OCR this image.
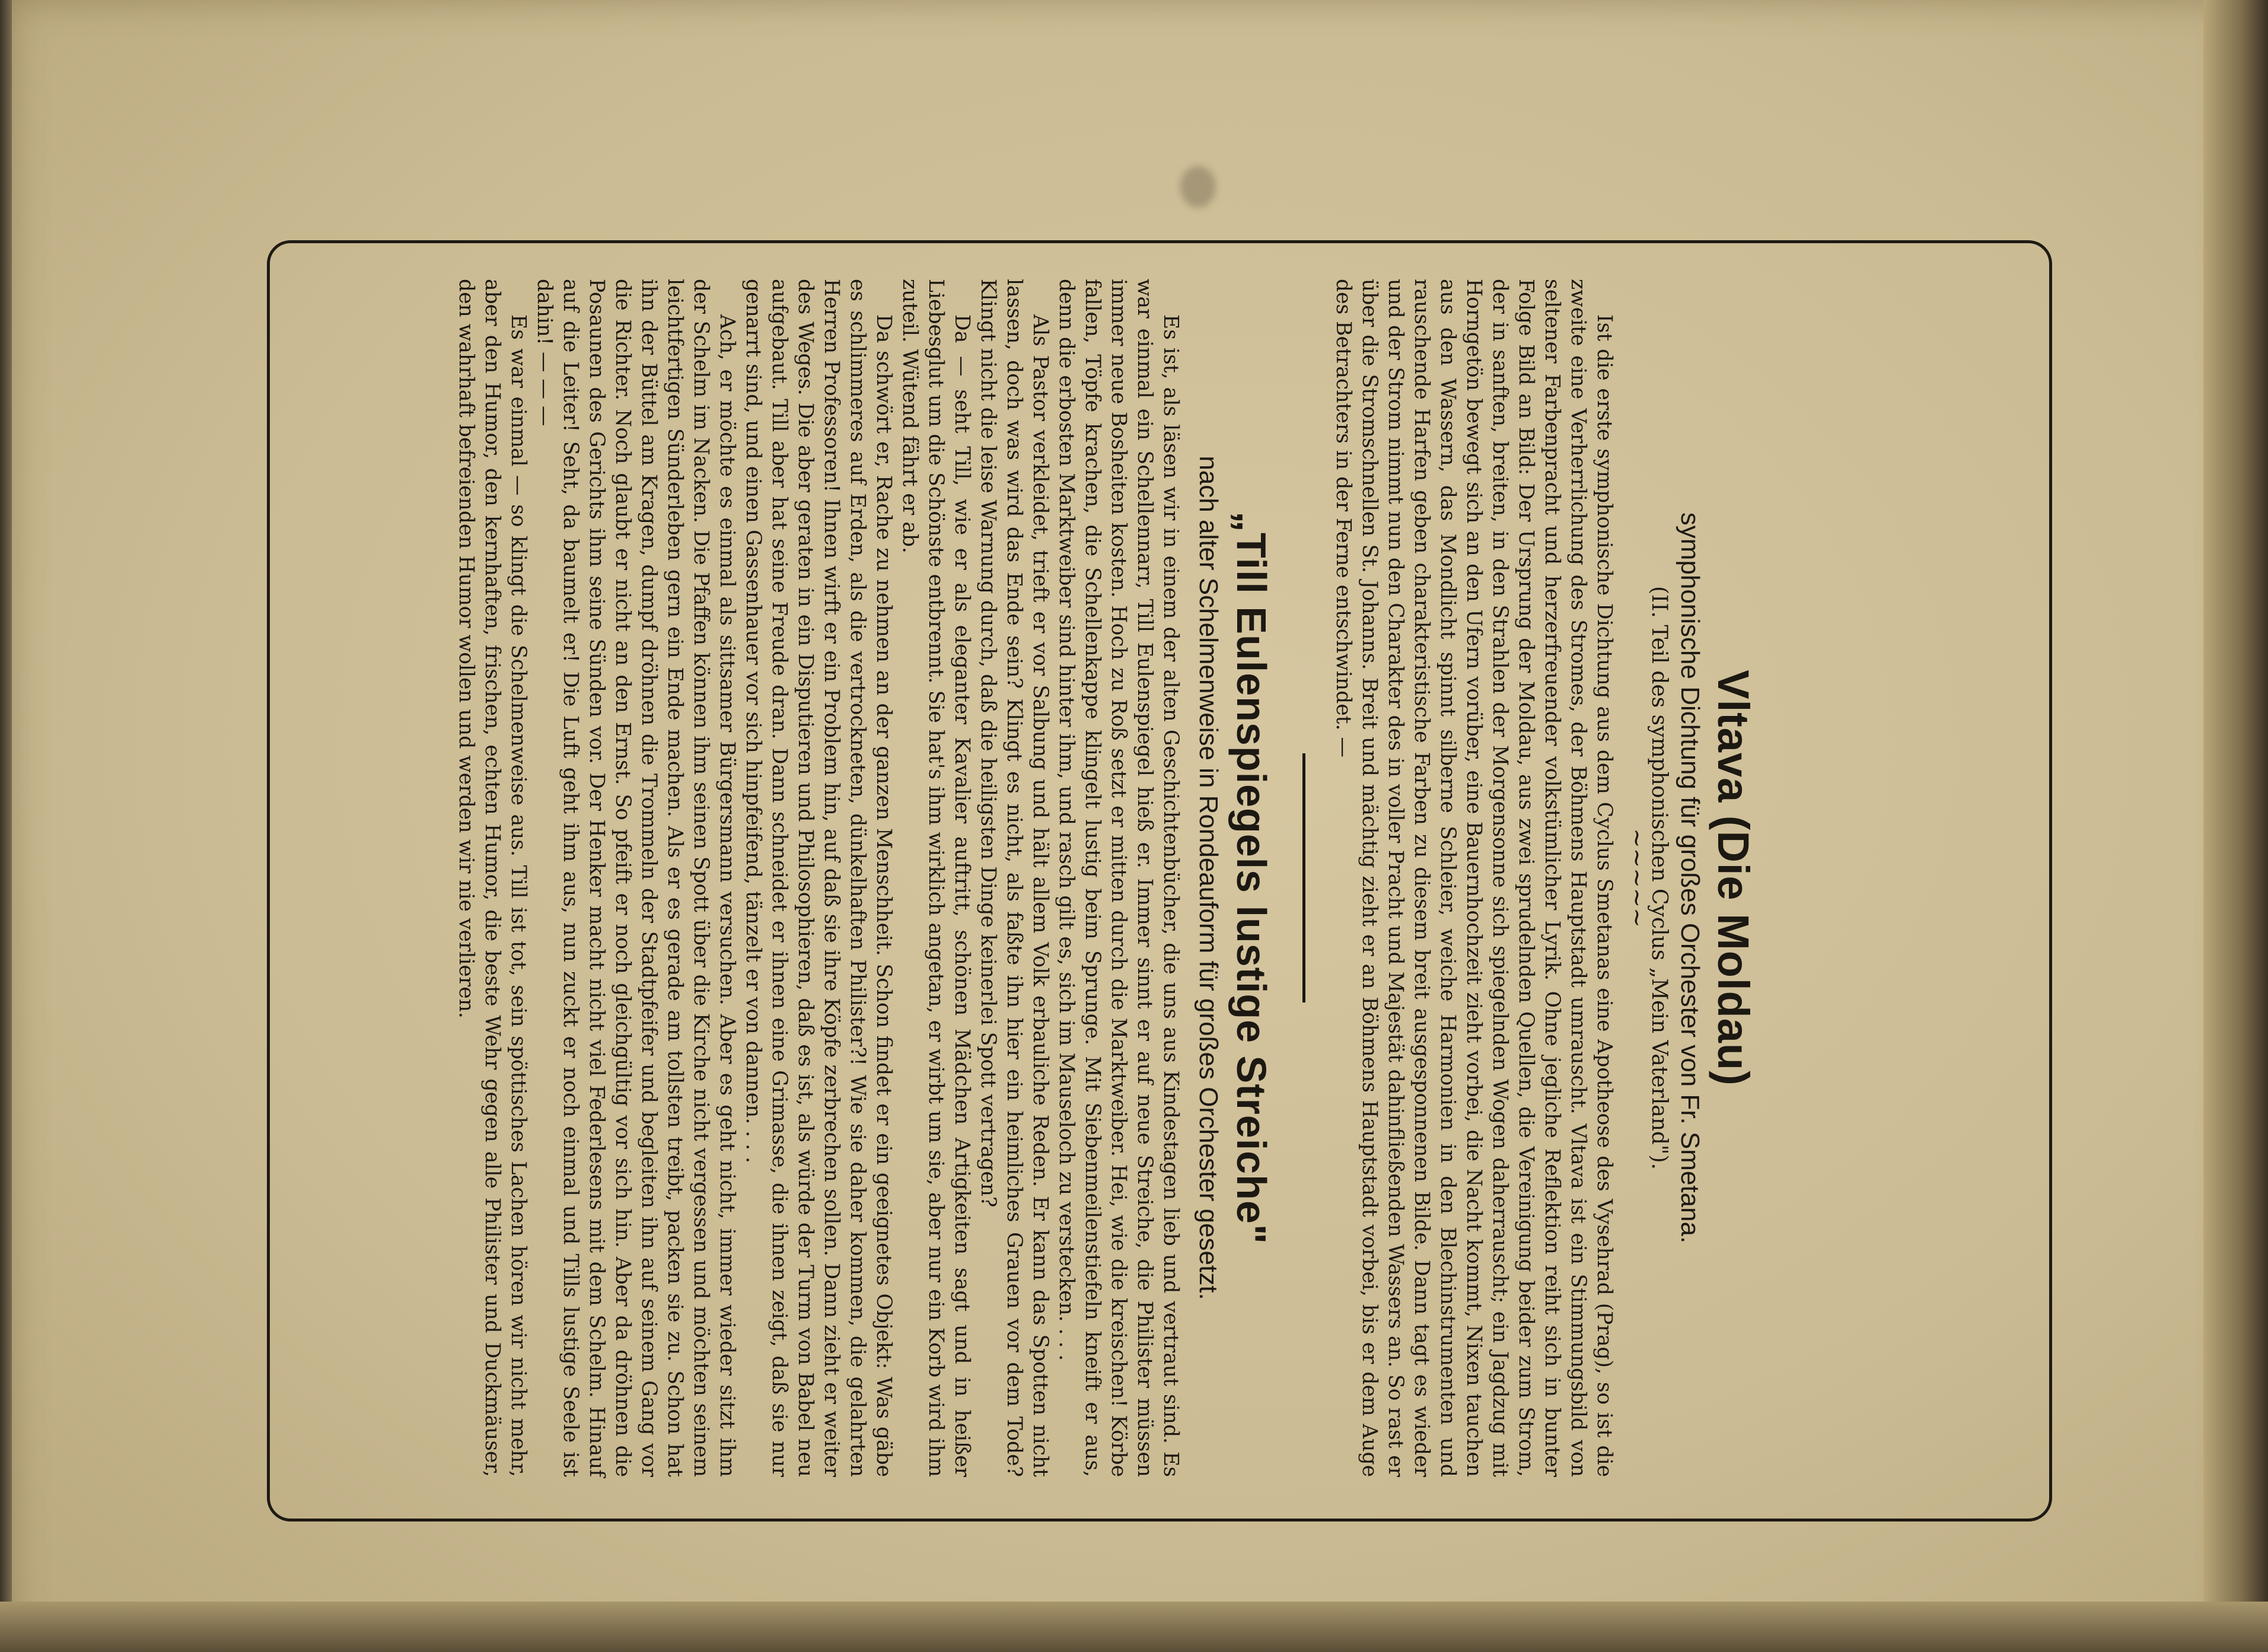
Vltava (Die Moldau)
symphonische Dichtung für großes Orchester von Fr. Smetana.
(II. Teil des symphonischen Cyclus „Mein Vaterland").
~~~~~

Ist die erste symphonische Dichtung aus dem Cyclus Smetanas eine Apotheose des Vysehrad (Prag), so ist die zweite eine Verherrlichung des Stromes, der Böhmens Hauptstadt umrauscht. Vltava ist ein Stimmungsbild von seltener Farbenpracht und herzerfreuender volkstümlicher Lyrik. Ohne jegliche Reflektion reiht sich in bunter Folge Bild an Bild: Der Ursprung der Moldau, aus zwei sprudelnden Quellen, die Vereinigung beider zum Strom, der in sanften, breiten, in den Strahlen der Morgensonne sich spiegelnden Wogen daherrauscht; ein Jagdzug mit Horngetön bewegt sich an den Ufern vorüber, eine Bauernhochzeit zieht vorbei, die Nacht kommt, Nixen tauchen aus den Wassern, das Mondlicht spinnt silberne Schleier, weiche Harmonien in den Blechinstrumenten und rauschende Harfen geben charakteristische Farben zu diesem breit ausgesponnenen Bilde. Dann tagt es wieder und der Strom nimmt nun den Charakter des in voller Pracht und Majestät dahinfließenden Wassers an. So rast er über die Stromschnellen St. Johanns. Breit und mächtig zieht er an Böhmens Hauptstadt vorbei, bis er dem Auge des Betrachters in der Ferne entschwindet. —

„Till Eulenspiegels lustige Streiche"
nach alter Schelmenweise in Rondeauform für großes Orchester gesetzt.

Es ist, als läsen wir in einem der alten Geschichtenbücher, die uns aus Kindestagen lieb und vertraut sind. Es war einmal ein Schellennarr, Till Eulenspiegel hieß er. Immer sinnt er auf neue Streiche, die Philister müssen immer neue Bosheiten kosten. Hoch zu Roß setzt er mitten durch die Marktweiber. Hei, wie die kreischen! Körbe fallen, Töpfe krachen, die Schellenkappe klingelt lustig beim Sprunge. Mit Siebenmeilenstiefeln kneift er aus, denn die erbosten Marktweiber sind hinter ihm, und rasch gilt es, sich im Mauseloch zu verstecken. . . .

Als Pastor verkleidet, trieft er vor Salbung und hält allem Volk erbauliche Reden. Er kann das Spotten nicht lassen, doch was wird das Ende sein? Klingt es nicht, als faßte ihn hier ein heimliches Grauen vor dem Tode? Klingt nicht die leise Warnung durch, daß die heiligsten Dinge keinerlei Spott vertragen?

Da — seht Till, wie er als eleganter Kavalier auftritt, schönen Mädchen Artigkeiten sagt und in heißer Liebesglut um die Schönste entbrennt. Sie hat's ihm wirklich angetan, er wirbt um sie, aber nur ein Korb wird ihm zuteil. Wütend fährt er ab.

Da schwört er, Rache zu nehmen an der ganzen Menschheit. Schon findet er ein geeignetes Objekt: Was gäbe es schlimmeres auf Erden, als die vertrockneten, dünkelhaften Philister?! Wie sie daher kommen, die gelahrten Herren Professoren! Ihnen wirft er ein Problem hin, auf daß sie ihre Köpfe zerbrechen sollen. Dann zieht er weiter des Weges. Die aber geraten in ein Disputieren und Philosophieren, daß es ist, als würde der Turm von Babel neu aufgebaut. Till aber hat seine Freude dran. Dann schneidet er ihnen eine Grimasse, die ihnen zeigt, daß sie nur genarrt sind, und einen Gassenhauer vor sich hinpfeifend, tänzelt er von dannen. . . .

Ach, er möchte es einmal als sittsamer Bürgersmann versuchen. Aber es geht nicht, immer wieder sitzt ihm der Schelm im Nacken. Die Pfaffen können ihm seinen Spott über die Kirche nicht vergessen und möchten seinem leichtfertigen Sünderleben gern ein Ende machen. Als er es gerade am tollsten treibt, packen sie zu. Schon hat ihn der Büttel am Kragen, dumpf dröhnen die Trommeln der Stadtpfeifer und begleiten ihn auf seinem Gang vor die Richter. Noch glaubt er nicht an den Ernst. So pfeift er noch gleichgültig vor sich hin. Aber da dröhnen die Posaunen des Gerichts ihm seine Sünden vor. Der Henker macht nicht viel Federlesens mit dem Schelm. Hinauf auf die Leiter! Seht, da baumelt er! Die Luft geht ihm aus, nun zuckt er noch einmal und Tills lustige Seele ist dahin! — — —

Es war einmal — so klingt die Schelmenweise aus. Till ist tot, sein spöttisches Lachen hören wir nicht mehr, aber den Humor, den kernhaften, frischen, echten Humor, die beste Wehr gegen alle Philister und Duckmäuser, den wahrhaft befreienden Humor wollen und werden wir nie verlieren.
